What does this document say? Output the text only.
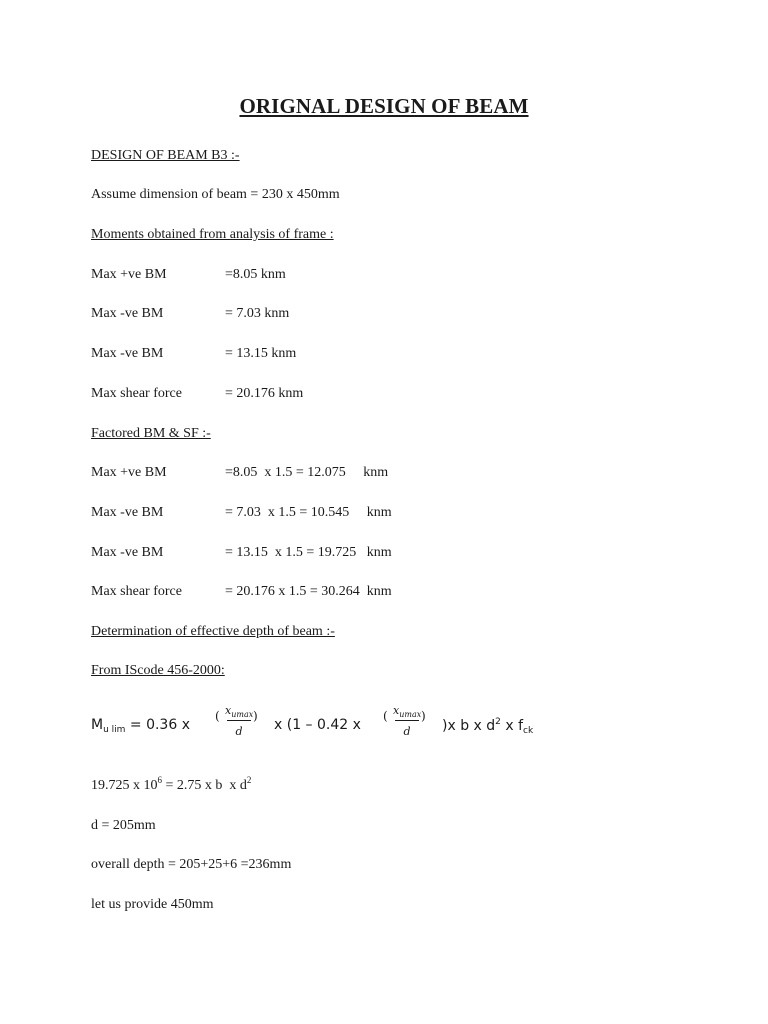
ORIGNAL DESIGN OF BEAM
DESIGN OF BEAM B3 :-
Assume dimension of beam = 230 x 450mm
Moments obtained from analysis of frame :
Max +ve BM	=8.05 knm
Max -ve BM	= 7.03 knm
Max -ve BM	= 13.15 knm
Max shear force	= 20.176 knm
Factored BM & SF :-
Max +ve BM	=8.05  x 1.5 = 12.075     knm
Max -ve BM	= 7.03  x 1.5 = 10.545     knm
Max -ve BM	= 13.15  x 1.5 = 19.725   knm
Max shear force	= 20.176 x 1.5 = 30.264  knm
Determination of effective depth of beam :-
From IScode 456-2000:
$M_{u lim} = 0.36$ x
( $x_{umax}$
d
)
x (1 – 0.42 x
( $x_{umax}$
d
)
)x b x $d^2$ x $f_{ck}$
19.725 x $10^6 = 2.75$ x b  x $d^2$
d = 205mm
overall depth = 205+25+6 =236mm
let us provide 450mm
